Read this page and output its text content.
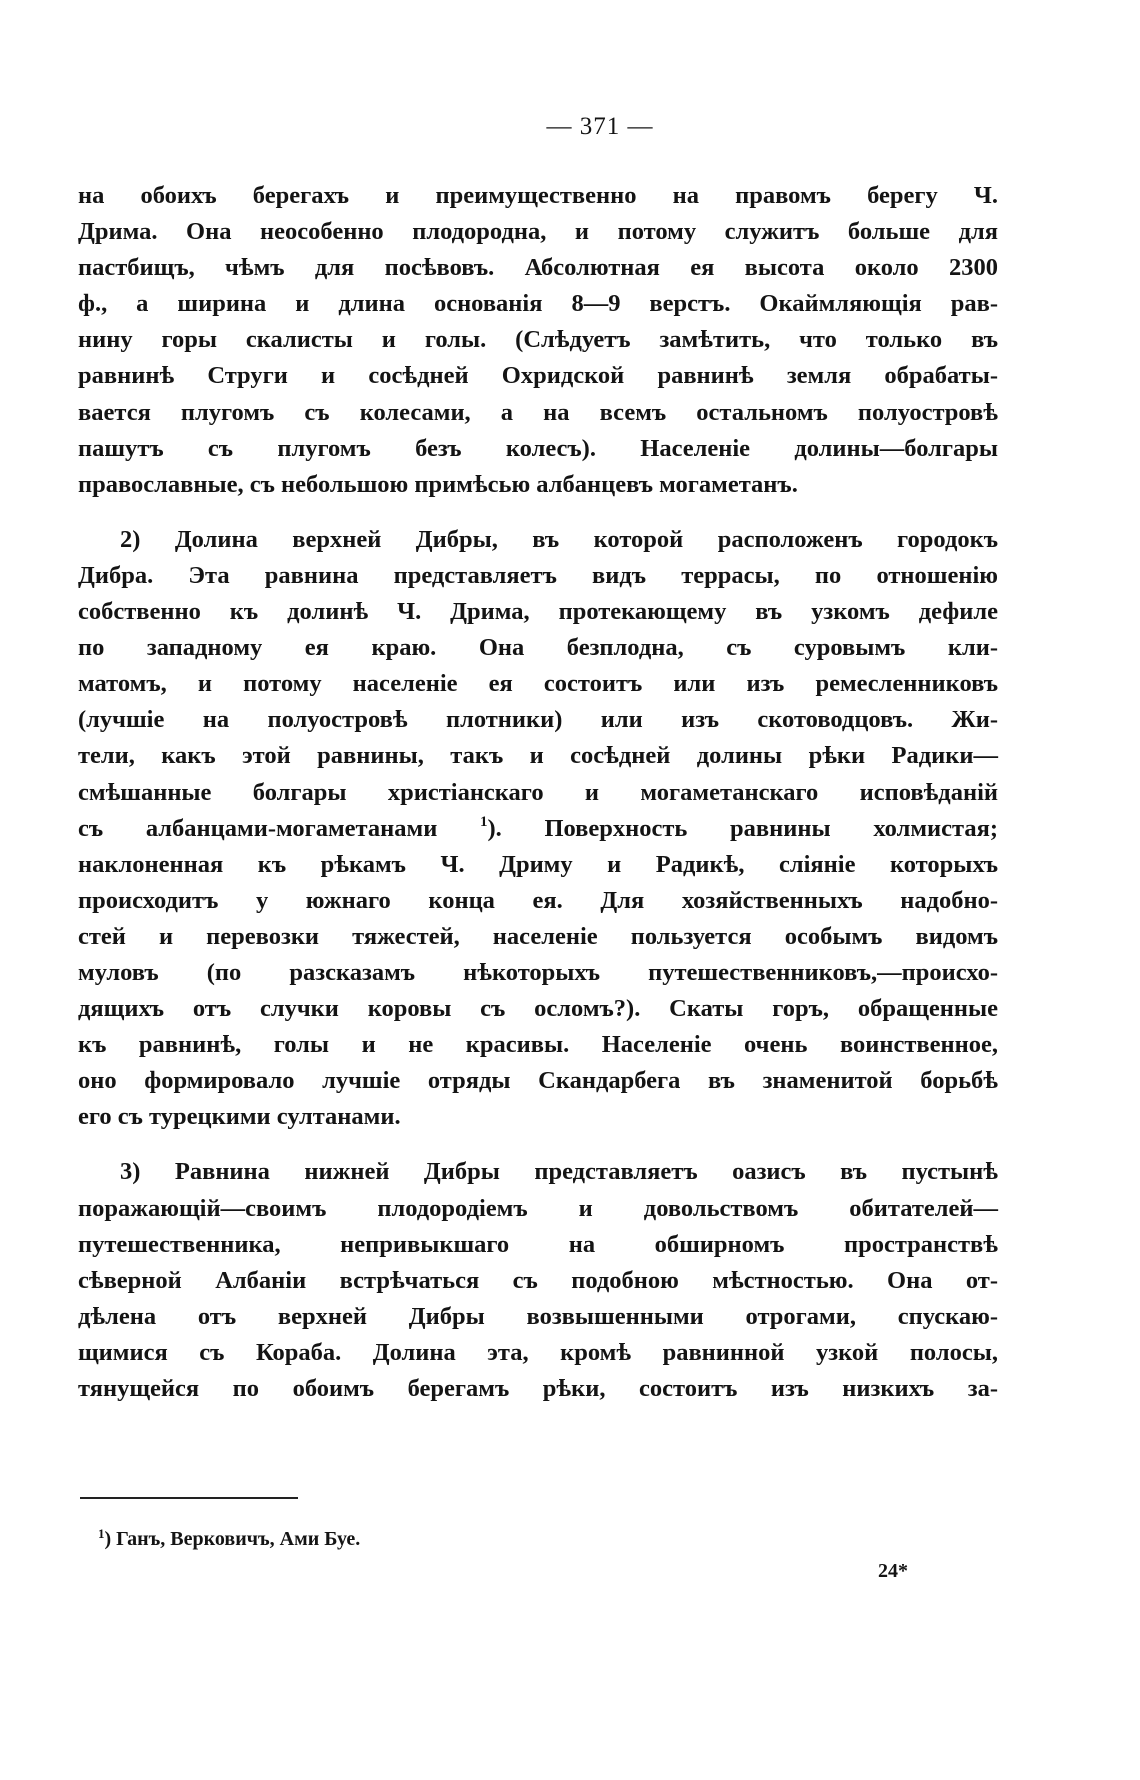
— 371 —
на обоихъ берегахъ и преимущественно на правомъ берегу Ч.
Дрима. Она неособенно плодородна, и потому служитъ больше для
пастбищъ, чѣмъ для посѣвовъ. Абсолютная ея высота около 2300
ф., а ширина и длина основанія 8—9 верстъ. Окаймляющія рав-
нину горы скалисты и голы. (Слѣдуетъ замѣтить, что только въ
равнинѣ Струги и сосѣдней Охридской равнинѣ земля обрабаты-
вается плугомъ съ колесами, а на всемъ остальномъ полуостровѣ
пашутъ съ плугомъ безъ колесъ). Населеніе долины—болгары
православные, съ небольшою примѣсью албанцевъ могаметанъ.
2) Долина верхней Дибры, въ которой расположенъ городокъ
Дибра. Эта равнина представляетъ видъ террасы, по отношенію
собственно къ долинѣ Ч. Дрима, протекающему въ узкомъ дефиле
по западному ея краю. Она безплодна, съ суровымъ кли-
матомъ, и потому населеніе ея состоитъ или изъ ремесленниковъ
(лучшіе на полуостровѣ плотники) или изъ скотоводцовъ. Жи-
тели, какъ этой равнины, такъ и сосѣдней долины рѣки Радики—
смѣшанные болгары христіанскаго и могаметанскаго исповѣданій
съ албанцами-могаметанами	$^1$). Поверхность равнины холмистая;
наклоненная къ рѣкамъ Ч. Дриму и Радикѣ, сліяніе которыхъ
происходитъ у южнаго конца ея. Для хозяйственныхъ надобно-
стей и перевозки тяжестей, населеніе пользуется особымъ видомъ
муловъ (по разсказамъ нѣкоторыхъ путешественниковъ,—происхо-
дящихъ отъ случки коровы съ осломъ?). Скаты горъ, обращенные
къ равнинѣ, голы и не красивы. Населеніе очень воинственное,
оно формировало лучшіе отряды Скандарбега въ знаменитой борьбѣ
его съ турецкими султанами.
3) Равнина нижней Дибры представляетъ оазисъ въ пустынѣ
поражающій—своимъ плодородіемъ и довольствомъ обитателей—
путешественника, непривыкшаго на обширномъ пространствѣ
сѣверной Албаніи встрѣчаться съ подобною мѣстностью. Она от-
дѣлена отъ верхней Дибры возвышенными отрогами, спускаю-
щимися съ Кораба. Долина эта, кромѣ равнинной узкой полосы,
тянущейся по обоимъ берегамъ рѣки, состоитъ изъ низкихъ за-
$^1$) Ганъ, Верковичъ, Ами Буе.
24*
